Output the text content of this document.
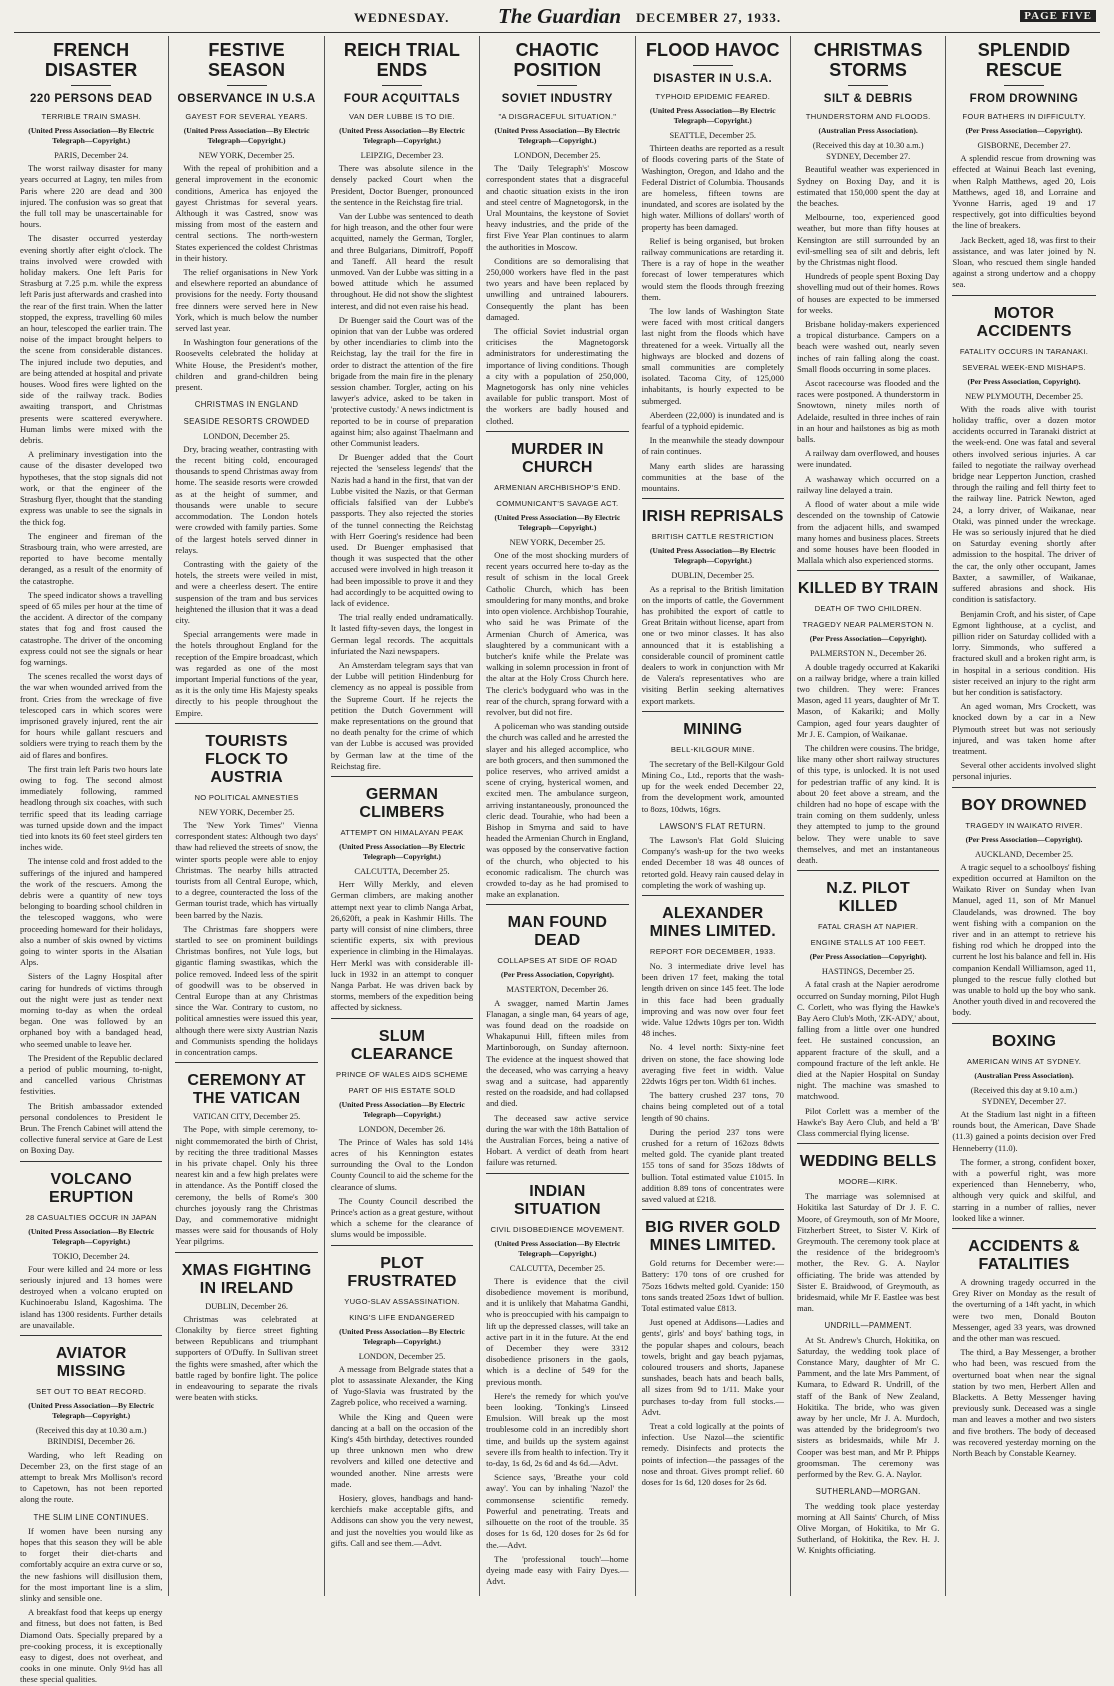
WEDNESDAY. The Guardian DECEMBER 27, 1933.	PAGE FIVE
FRENCH DISASTER
220 PERSONS DEAD
TERRIBLE TRAIN SMASH.
(United Press Association—By Electric Telegraph—Copyright.)
PARIS, December 24.

The worst railway disaster for many years occurred at Lagny, ten miles from Paris where 220 are dead and 300 injured. The confusion was so great that the full toll may be unascertainable for hours.

The disaster occurred yesterday evening shortly after eight o'clock. The trains involved were crowded with holiday makers. One left Paris for Strasburg at 7.25 p.m. while the express left Paris just afterwards and crashed into the rear of the first train. When the latter stopped, the express, travelling 60 miles an hour, telescoped the earlier train. The noise of the impact brought helpers to the scene from considerable distances. The injured include two deputies, and are being attended at hospital and private houses. Wood fires were lighted on the side of the railway track. Bodies awaiting transport, and Christmas presents were scattered everywhere. Human limbs were mixed with the debris.

A preliminary investigation into the cause of the disaster developed two hypotheses, that the stop signals did not work, or that the engineer of the Strasburg flyer, thought that the standing express was unable to see the signals in the thick fog.

The engineer and fireman of the Strasbourg train, who were arrested, are reported to have become mentally deranged, as a result of the enormity of the catastrophe.

The speed indicator shows a travelling speed of 65 miles per hour at the time of the accident. A director of the company states that fog and frost caused the catastrophe. The driver of the oncoming express could not see the signals or hear fog warnings.

The scenes recalled the worst days of the war when wounded arrived from the front. Cries from the wreckage of five telescoped cars in which scores were imprisoned gravely injured, rent the air for hours while gallant rescuers and soldiers were trying to reach them by the aid of flares and bonfires.

The first train left Paris two hours late owing to fog. The second almost immediately following, rammed headlong through six coaches, with such terrific speed that its leading carriage was turned upside down and the impact tied into knots its 60 feet steel girders ten inches wide.

The intense cold and frost added to the sufferings of the injured and hampered the work of the rescuers. Among the debris were a quantity of new toys belonging to boarding school children in the telescoped waggons, who were proceeding homeward for their holidays, also a number of skis owned by victims going to winter sports in the Alsatian Alps.

Sisters of the Lagny Hospital after caring for hundreds of victims through out the night were just as tender next morning to-day as when the ordeal began. One was followed by an orphaned boy with a bandaged head, who seemed unable to leave her.

The President of the Republic declared a period of public mourning, to-night, and cancelled various Christmas festivities.

The British ambassador extended personal condolences to President le Brun. The French Cabinet will attend the collective funeral service at Gare de Lest on Boxing Day.

VOLCANO ERUPTION
28 CASUALTIES OCCUR IN JAPAN
(United Press Association—By Electric Telegraph—Copyright.)
TOKIO, December 24.

Four were killed and 24 more or less seriously injured and 13 homes were destroyed when a volcano erupted on Kuchinoerabu Island, Kagoshima. The island has 1300 residents. Further details are unavailable.

AVIATOR MISSING
SET OUT TO BEAT RECORD.
(United Press Association—By Electric Telegraph—Copyright.)
(Received this day at 10.30 a.m.) BRINDISI, December 26.

Warding, who left Reading on December 23, on the first stage of an attempt to break Mrs Mollison's record to Capetown, has not been reported along the route.

THE SLIM LINE CONTINUES.

If women have been nursing any hopes that this season they will be able to forget their diet-charts and comfortably acquire an extra curve or so, the new fashions will disillusion them, for the most important line is a slim, slinky and sensible one.

A breakfast food that keeps up energy and fitness, but does not fatten, is Bed Diamond Oats. Specially prepared by a pre-cooking process, it is exceptionally easy to digest, does not overheat, and cooks in one minute. Only 9½d has all these special qualities.

FESTIVE SEASON
OBSERVANCE IN U.S.A
GAYEST FOR SEVERAL YEARS.
(United Press Association—By Electric Telegraph—Copyright.)
NEW YORK, December 25.

With the repeal of prohibition and a general improvement in the economic conditions, America has enjoyed the gayest Christmas for several years. Although it was Castred, snow was missing from most of the eastern and central sections. The north-western States experienced the coldest Christmas in their history.

The relief organisations in New York and elsewhere reported an abundance of provisions for the needy. Forty thousand free dinners were served here in New York, which is much below the number served last year.

In Washington four generations of the Roosevelts celebrated the holiday at White House, the President's mother, children and grand-children being present.

CHRISTMAS IN ENGLAND
SEASIDE RESORTS CROWDED
LONDON, December 25.

Dry, bracing weather, contrasting with the recent biting cold, encouraged thousands to spend Christmas away from home. The seaside resorts were crowded as at the height of summer, and thousands were unable to secure accommodation. The London hotels were crowded with family parties. Some of the largest hotels served dinner in relays.

Contrasting with the gaiety of the hotels, the streets were veiled in mist, and were a cheerless desert. The entire suspension of the tram and bus services heightened the illusion that it was a dead city.

Special arrangements were made in the hotels throughout England for the reception of the Empire broadcast, which was regarded as one of the most important Imperial functions of the year, as it is the only time His Majesty speaks directly to his people throughout the Empire.

TOURISTS FLOCK TO AUSTRIA
NO POLITICAL AMNESTIES
NEW YORK, December 25.

The 'New York Times'' Vienna correspondent states: Although two days' thaw had relieved the streets of snow, the winter sports people were able to enjoy Christmas. The nearby hills attracted tourists from all Central Europe, which, to a degree, counteracted the loss of the German tourist trade, which has virtually been barred by the Nazis.

The Christmas fare shoppers were startled to see on prominent buildings Christmas bonfires, not Yule logs, but gigantic flaming swastikas, which the police removed. Indeed less of the spirit of goodwill was to be observed in Central Europe than at any Christmas since the War. Contrary to custom, no political amnesties were issued this year, although there were sixty Austrian Nazis and Communists spending the holidays in concentration camps.

CEREMONY AT THE VATICAN
VATICAN CITY, December 25.

The Pope, with simple ceremony, to-night commemorated the birth of Christ, by reciting the three traditional Masses in his private chapel. Only his three nearest kin and a few high prelates were in attendance. As the Pontiff closed the ceremony, the bells of Rome's 300 churches joyously rang the Christmas Day, and commemorative midnight masses were said for thousands of Holy Year pilgrims.

XMAS FIGHTING IN IRELAND
DUBLIN, December 26.

Christmas was celebrated at Clonakilty by fierce street fighting between Republicans and triumphant supporters of O'Duffy. In Sullivan street the fights were smashed, after which the battle raged by bonfire light. The police in endeavouring to separate the rivals were beaten with sticks.

REICH TRIAL ENDS
FOUR ACQUITTALS
VAN DER LUBBE IS TO DIE.
(United Press Association—By Electric Telegraph—Copyright.)
LEIPZIG, December 23.

There was absolute silence in the densely packed Court when the President, Doctor Buenger, pronounced the sentence in the Reichstag fire trial.

Van der Lubbe was sentenced to death for high treason, and the other four were acquitted, namely the German, Torgler, and three Bulgarians, Dimitroff, Popoff and Taneff. All heard the result unmoved. Van der Lubbe was sitting in a bowed attitude which he assumed throughout. He did not show the slightest interest, and did not even raise his head.

Dr Buenger said the Court was of the opinion that van der Lubbe was ordered by other incendiaries to climb into the Reichstag, lay the trail for the fire in order to distract the attention of the fire brigade from the main fire in the plenary session chamber. Torgler, acting on his lawyer's advice, asked to be taken in 'protective custody.' A news indictment is reported to be in course of preparation against him; also against Thaelmann and other Communist leaders.

Dr Buenger added that the Court rejected the 'senseless legends' that the Nazis had a hand in the first, that van der Lubbe visited the Nazis, or that German officials falsified van der Lubbe's passports. They also rejected the stories of the tunnel connecting the Reichstag with Herr Goering's residence had been used. Dr Buenger emphasised that though it was suspected that the other accused were involved in high treason it had been impossible to prove it and they had accordingly to be acquitted owing to lack of evidence.

The trial really ended undramatically. It lasted fifty-seven days, the longest in German legal records. The acquittals infuriated the Nazi newspapers.

An Amsterdam telegram says that van der Lubbe will petition Hindenburg for clemency as no appeal is possible from the Supreme Court. If he rejects the petition the Dutch Government will make representations on the ground that no death penalty for the crime of which van der Lubbe is accused was provided by German law at the time of the Reichstag fire.

GERMAN CLIMBERS
ATTEMPT ON HIMALAYAN PEAK
(United Press Association—By Electric Telegraph—Copyright.)
CALCUTTA, December 25.

Herr Willy Merkly, and eleven German climbers, are making another attempt next year to climb Nanga Arbat, 26,620ft, a peak in Kashmir Hills. The party will consist of nine climbers, three scientific experts, six with previous experience in climbing in the Himalayas. Herr Merkl was with considerable ill-luck in 1932 in an attempt to conquer Nanga Parbat. He was driven back by storms, members of the expedition being affected by sickness.

SLUM CLEARANCE
PRINCE OF WALES AIDS SCHEME
PART OF HIS ESTATE SOLD
(United Press Association—By Electric Telegraph—Copyright.)
LONDON, December 26.

The Prince of Wales has sold 14¼ acres of his Kennington estates surrounding the Oval to the London County Council to aid the scheme for the clearance of slums.

The County Council described the Prince's action as a great gesture, without which a scheme for the clearance of slums would be impossible.

PLOT FRUSTRATED
YUGO-SLAV ASSASSINATION.
KING'S LIFE ENDANGERED
(United Press Association—By Electric Telegraph—Copyright.)
LONDON, December 25.

A message from Belgrade states that a plot to assassinate Alexander, the King of Yugo-Slavia was frustrated by the Zagreb police, who received a warning.

While the King and Queen were dancing at a ball on the occasion of the King's 45th birthday, detectives rounded up three unknown men who drew revolvers and killed one detective and wounded another. Nine arrests were made.

Hosiery, gloves, handbags and hand-kerchiefs make acceptable gifts, and Addisons can show you the very newest, and just the novelties you would like as gifts. Call and see them.—Advt.

CHAOTIC POSITION
SOVIET INDUSTRY
"A DISGRACEFUL SITUATION."
(United Press Association—By Electric Telegraph—Copyright.)
LONDON, December 25.

The 'Daily Telegraph's' Moscow correspondent states that a disgraceful and chaotic situation exists in the iron and steel centre of Magnetogorsk, in the Ural Mountains, the keystone of Soviet heavy industries, and the pride of the first Five Year Plan continues to alarm the authorities in Moscow.

Conditions are so demoralising that 250,000 workers have fled in the past two years and have been replaced by unwilling and untrained labourers. Consequently the plant has been damaged.

The official Soviet industrial organ criticises the Magnetogorsk administrators for underestimating the importance of living conditions. Though a city with a population of 250,000, Magnetogorsk has only nine vehicles available for public transport. Most of the workers are badly housed and clothed.

MURDER IN CHURCH
ARMENIAN ARCHBISHOP'S END.
COMMUNICANT'S SAVAGE ACT.
(United Press Association—By Electric Telegraph—Copyright.)
NEW YORK, December 25.

One of the most shocking murders of recent years occurred here to-day as the result of schism in the local Greek Catholic Church, which has been smouldering for many months, and broke into open violence. Archbishop Tourahie, who said he was Primate of the Armenian Church of America, was slaughtered by a communicant with a butcher's knife while the Prelate was walking in solemn procession in front of the altar at the Holy Cross Church here. The cleric's bodyguard who was in the rear of the church, sprang forward with a revolver, but did not fire.

A policeman who was standing outside the church was called and he arrested the slayer and his alleged accomplice, who are both grocers, and then summoned the police reserves, who arrived amidst a scene of crying, hysterical women, and excited men. The ambulance surgeon, arriving instantaneously, pronounced the cleric dead. Tourahie, who had been a Bishop in Smyrna and said to have headed the Armenian Church in England, was opposed by the conservative faction of the church, who objected to his economic radicalism. The church was crowded to-day as he had promised to make an explanation.

MAN FOUND DEAD
COLLAPSES AT SIDE OF ROAD
(Per Press Association, Copyright).
MASTERTON, December 26.

A swagger, named Martin James Flanagan, a single man, 64 years of age, was found dead on the roadside on Whakapunui Hill, fifteen miles from Martinborough, on Sunday afternoon. The evidence at the inquest showed that the deceased, who was carrying a heavy swag and a suitcase, had apparently rested on the roadside, and had collapsed and died.

The deceased saw active service during the war with the 18th Battalion of the Australian Forces, being a native of Hobart. A verdict of death from heart failure was returned.

INDIAN SITUATION
CIVIL DISOBEDIENCE MOVEMENT.
(United Press Association—By Electric Telegraph—Copyright.)
CALCUTTA, December 25.

There is evidence that the civil disobedience movement is moribund, and it is unlikely that Mahatma Gandhi, who is preoccupied with his campaign to lift up the depressed classes, will take an active part in it in the future. At the end of December they were 3312 disobedience prisoners in the gaols, which is a decline of 549 for the previous month.

Here's the remedy for which you've been looking. 'Tonking's Linseed Emulsion. Will break up the most troublesome cold in an incredibly short time, and builds up the system against severe ills from health to infection. Try it to-day, 1s 6d, 2s 6d and 4s 6d.—Advt.

Science says, 'Breathe your cold away'. You can by inhaling 'Nazol' the commonsense scientific remedy. Powerful and penetrating. Treats and silhouette on the root of the trouble. 35 doses for 1s 6d, 120 doses for 2s 6d for the.—Advt.

The 'professional touch'—home dyeing made easy with Fairy Dyes.—Advt.

FLOOD HAVOC
DISASTER IN U.S.A.
TYPHOID EPIDEMIC FEARED.
(United Press Association—By Electric Telegraph—Copyright.)
SEATTLE, December 25.

Thirteen deaths are reported as a result of floods covering parts of the State of Washington, Oregon, and Idaho and the Federal District of Columbia. Thousands are homeless, fifteen towns are inundated, and scores are isolated by the high water. Millions of dollars' worth of property has been damaged.

Relief is being organised, but broken railway communications are retarding it. There is a ray of hope in the weather forecast of lower temperatures which would stem the floods through freezing them.

The low lands of Washington State were faced with most critical dangers last night from the floods which have threatened for a week. Virtually all the highways are blocked and dozens of small communities are completely isolated. Tacoma City, of 125,000 inhabitants, is hourly expected to be submerged.

Aberdeen (22,000) is inundated and is fearful of a typhoid epidemic.

In the meanwhile the steady downpour of rain continues.

Many earth slides are harassing communities at the base of the mountains.

IRISH REPRISALS
BRITISH CATTLE RESTRICTION
(United Press Association—By Electric Telegraph—Copyright.)
DUBLIN, December 25.

As a reprisal to the British limitation on the imports of cattle, the Government has prohibited the export of cattle to Great Britain without license, apart from one or two minor classes. It has also announced that it is establishing a considerable council of prominent cattle dealers to work in conjunction with Mr de Valera's representatives who are visiting Berlin seeking alternatives export markets.

MINING
BELL-KILGOUR MINE.

The secretary of the Bell-Kilgour Gold Mining Co., Ltd., reports that the wash-up for the week ended December 22, from the development work, amounted to 8ozs, 10dwts, 16grs.

LAWSON'S FLAT RETURN.

The Lawson's Flat Gold Sluicing Company's wash-up for the two weeks ended December 18 was 48 ounces of retorted gold. Heavy rain caused delay in completing the work of washing up.

ALEXANDER MINES LIMITED.
REPORT FOR DECEMBER, 1933.

No. 3 intermediate drive level has been driven 17 feet, making the total length driven on since 145 feet. The lode in this face had been gradually improving and was now over four feet wide. Value 12dwts 10grs per ton. Width 48 inches.

No. 4 level north: Sixty-nine feet driven on stone, the face showing lode averaging five feet in width. Value 22dwts 16grs per ton. Width 61 inches.

The battery crushed 237 tons, 70 chains being completed out of a total length of 90 chains.

During the period 237 tons were crushed for a return of 162ozs 8dwts melted gold. The cyanide plant treated 155 tons of sand for 35ozs 18dwts of bullion. Total estimated value £1015. In addition 8.89 tons of concentrates were saved valued at £218.

BIG RIVER GOLD MINES LIMITED.

Gold returns for December were:— Battery: 170 tons of ore crushed for 75ozs 16dwts melted gold. Cyanide: 150 tons sands treated 25ozs 1dwt of bullion. Total estimated value £813.

Just opened at Addisons—Ladies and gents', girls' and boys' bathing togs, in the popular shapes and colours, beach towels, bright and gay beach pyjamas, coloured trousers and shorts, Japanese sunshades, beach hats and beach balls, all sizes from 9d to 1/11. Make your purchases to-day from full stocks.—Advt.

Treat a cold logically at the points of infection. Use Nazol—the scientific remedy. Disinfects and protects the points of infection—the passages of the nose and throat. Gives prompt relief. 60 doses for 1s 6d, 120 doses for 2s 6d.

CHRISTMAS STORMS
SILT & DEBRIS
THUNDERSTORM AND FLOODS.
(Australian Press Association).
(Received this day at 10.30 a.m.) SYDNEY, December 27.

Beautiful weather was experienced in Sydney on Boxing Day, and it is estimated that 150,000 spent the day at the beaches.

Melbourne, too, experienced good weather, but more than fifty houses at Kensington are still surrounded by an evil-smelling sea of silt and debris, left by the Christmas night flood.

Hundreds of people spent Boxing Day shovelling mud out of their homes. Rows of houses are expected to be immersed for weeks.

Brisbane holiday-makers experienced a tropical disturbance. Campers on a beach were washed out, nearly seven inches of rain falling along the coast. Small floods occurring in some places.

Ascot racecourse was flooded and the races were postponed. A thunderstorm in Snowtown, ninety miles north of Adelaide, resulted in three inches of rain in an hour and hailstones as big as moth balls.

A railway dam overflowed, and houses were inundated.

A washaway which occurred on a railway line delayed a train.

A flood of water about a mile wide descended on the township of Catowie from the adjacent hills, and swamped many homes and business places. Streets and some houses have been flooded in Mallala which also experienced storms.

KILLED BY TRAIN
DEATH OF TWO CHILDREN.
TRAGEDY NEAR PALMERSTON N.
(Per Press Association—Copyright).
PALMERSTON N., December 26.

A double tragedy occurred at Kakariki on a railway bridge, where a train killed two children. They were: Frances Mason, aged 11 years, daughter of Mr T. Mason, of Kakariki; and Molly Campion, aged four years daughter of Mr J. E. Campion, of Waikanae.

The children were cousins. The bridge, like many other short railway structures of this type, is unlocked. It is not used for pedestrian traffic of any kind. It is about 20 feet above a stream, and the children had no hope of escape with the train coming on them suddenly, unless they attempted to jump to the ground below. They were unable to save themselves, and met an instantaneous death.

N.Z. PILOT KILLED
FATAL CRASH AT NAPIER.
ENGINE STALLS AT 100 FEET.
(Per Press Association—Copyright).
HASTINGS, December 25.

A fatal crash at the Napier aerodrome occurred on Sunday morning, Pilot Hugh C. Corlett, who was flying the Hawke's Bay Aero Club's Moth, 'ZK-ADY,' about, falling from a little over one hundred feet. He sustained concussion, an apparent fracture of the skull, and a compound fracture of the left ankle. He died at the Napier Hospital on Sunday night. The machine was smashed to matchwood.

Pilot Corlett was a member of the Hawke's Bay Aero Club, and held a 'B' Class commercial flying license.

WEDDING BELLS
MOORE—KIRK.

The marriage was solemnised at Hokitika last Saturday of Dr J. F. C. Moore, of Greymouth, son of Mr Moore, Fitzherbert Street, to Sister V. Kirk of Greymouth. The ceremony took place at the residence of the bridegroom's mother, the Rev. G. A. Naylor officiating. The bride was attended by Sister E. Braidwood, of Greymouth, as bridesmaid, while Mr F. Eastlee was best man.

UNDRILL—PAMMENT.

At St. Andrew's Church, Hokitika, on Saturday, the wedding took place of Constance Mary, daughter of Mr C. Pamment, and the late Mrs Pamment, of Kumara, to Edward R. Undrill, of the staff of the Bank of New Zealand, Hokitika. The bride, who was given away by her uncle, Mr J. A. Murdoch, was attended by the bridegroom's two sisters as bridesmaids, while Mr J. Cooper was best man, and Mr P. Phipps groomsman. The ceremony was performed by the Rev. G. A. Naylor.

SUTHERLAND—MORGAN.

The wedding took place yesterday morning at All Saints' Church, of Miss Olive Morgan, of Hokitika, to Mr G. Sutherland, of Hokitika, the Rev. H. J. W. Knights officiating.

SPLENDID RESCUE
FROM DROWNING
FOUR BATHERS IN DIFFICULTY.
(Per Press Association—Copyright).
GISBORNE, December 27.

A splendid rescue from drowning was effected at Wainui Beach last evening, when Ralph Matthews, aged 20, Lois Matthews, aged 18, and Lorraine and Yvonne Harris, aged 19 and 17 respectively, got into difficulties beyond the line of breakers.

Jack Beckett, aged 18, was first to their assistance, and was later joined by N. Sloan, who rescued them single handed against a strong undertow and a choppy sea.

MOTOR ACCIDENTS
FATALITY OCCURS IN TARANAKI.
SEVERAL WEEK-END MISHAPS.
(Per Press Association, Copyright).
NEW PLYMOUTH, December 25.

With the roads alive with tourist holiday traffic, over a dozen motor accidents occurred in Taranaki district at the week-end. One was fatal and several others involved serious injuries. A car failed to negotiate the railway overhead bridge near Lepperton Junction, crashed through the railing and fell thirty feet to the railway line. Patrick Newton, aged 24, a lorry driver, of Waikanae, near Otaki, was pinned under the wreckage. He was so seriously injured that he died on Saturday evening shortly after admission to the hospital. The driver of the car, the only other occupant, James Baxter, a sawmiller, of Waikanae, suffered abrasions and shock. His condition is satisfactory.

Benjamin Croft, and his sister, of Cape Egmont lighthouse, at a cyclist, and pillion rider on Saturday collided with a lorry. Simmonds, who suffered a fractured skull and a broken right arm, is in hospital in a serious condition. His sister received an injury to the right arm but her condition is satisfactory.

An aged woman, Mrs Crockett, was knocked down by a car in a New Plymouth street but was not seriously injured, and was taken home after treatment.

Several other accidents involved slight personal injuries.

BOY DROWNED
TRAGEDY IN WAIKATO RIVER.
(Per Press Association—Copyright).
AUCKLAND, December 25.

A tragic sequel to a schoolboys' fishing expedition occurred at Hamilton on the Waikato River on Sunday when Ivan Manuel, aged 11, son of Mr Manuel Claudelands, was drowned. The boy went fishing with a companion on the river and in an attempt to retrieve his fishing rod which he dropped into the current he lost his balance and fell in. His companion Kendall Williamson, aged 11, plunged to the rescue fully clothed but was unable to hold up the boy who sank. Another youth dived in and recovered the body.

BOXING
AMERICAN WINS AT SYDNEY.
(Australian Press Association).
(Received this day at 9.10 a.m.) SYDNEY, December 27.

At the Stadium last night in a fifteen rounds bout, the American, Dave Shade (11.3) gained a points decision over Fred Henneberry (11.0).

The former, a strong, confident boxer, with a powerful right, was more experienced than Henneberry, who, although very quick and skilful, and starring in a number of rallies, never looked like a winner.

ACCIDENTS & FATALITIES

A drowning tragedy occurred in the Grey River on Monday as the result of the overturning of a 14ft yacht, in which were two men, Donald Bouton Messenger, aged 33 years, was drowned and the other man was rescued.

The third, a Bay Messenger, a brother who had been, was rescued from the overturned boat when near the signal station by two men, Herbert Allen and Blacketts. A Betty Messenger having previously sunk. Deceased was a single man and leaves a mother and two sisters and five brothers. The body of deceased was recovered yesterday morning on the North Beach by Constable Kearney.
